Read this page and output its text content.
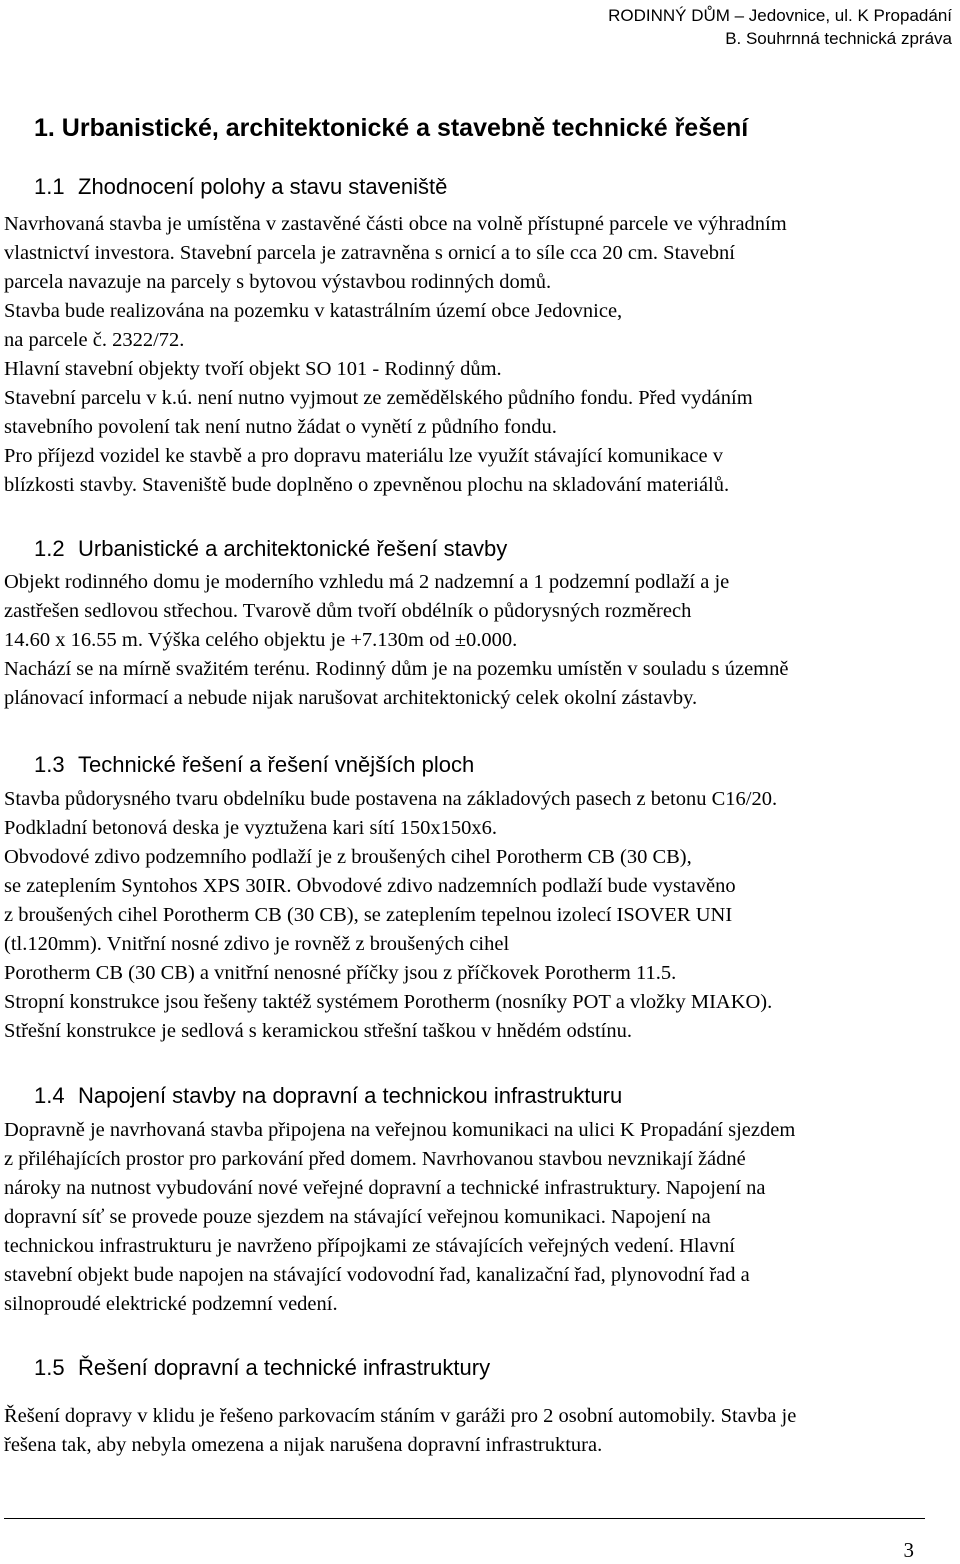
RODINNÝ DŮM – Jedovnice, ul. K Propadání
B. Souhrnná technická zpráva
1. Urbanistické, architektonické a stavebně technické řešení
1.1 Zhodnocení polohy a stavu staveniště
Navrhovaná stavba je umístěna v zastavěné části obce na volně přístupné parcele ve výhradním
vlastnictví investora. Stavební parcela je zatravněna s ornicí a to síle cca 20 cm. Stavební
parcela navazuje na parcely s bytovou výstavbou rodinných domů.
Stavba bude realizována na pozemku v katastrálním území obce Jedovnice,
na parcele č. 2322/72.
Hlavní stavební objekty tvoří objekt SO 101 - Rodinný dům.
Stavební parcelu v k.ú. není nutno vyjmout ze zemědělského půdního fondu. Před vydáním
stavebního povolení tak není nutno žádat o vynětí z půdního fondu.
Pro příjezd vozidel ke stavbě a pro dopravu materiálu lze využít stávající komunikace v
blízkosti stavby. Staveniště bude doplněno o zpevněnou plochu na skladování materiálů.
1.2 Urbanistické a architektonické řešení stavby
Objekt rodinného domu je moderního vzhledu má 2 nadzemní a 1 podzemní podlaží a je
zastřešen sedlovou střechou. Tvarově dům tvoří obdélník o půdorysných rozměrech
14.60 x 16.55 m. Výška celého objektu je +7.130m od ±0.000.
Nachází se na mírně svažitém terénu. Rodinný dům je na pozemku umístěn v souladu s územně
plánovací informací a nebude nijak narušovat architektonický celek okolní zástavby.
1.3 Technické řešení a řešení vnějších ploch
Stavba půdorysného tvaru obdelníku bude postavena na základových pasech z betonu C16/20.
Podkladní betonová deska je vyztužena kari sítí 150x150x6.
Obvodové zdivo podzemního podlaží je z broušených cihel Porotherm CB (30 CB),
se zateplením Syntohos XPS 30IR. Obvodové zdivo nadzemních podlaží bude vystavěno
z broušených cihel Porotherm CB (30 CB), se zateplením tepelnou izolecí ISOVER UNI
(tl.120mm). Vnitřní nosné zdivo je rovněž z broušených cihel
Porotherm CB (30 CB) a vnitřní nenosné příčky jsou z příčkovek Porotherm 11.5.
Stropní konstrukce jsou řešeny taktéž systémem Porotherm (nosníky POT a vložky MIAKO).
Střešní konstrukce je sedlová s keramickou střešní taškou v hnědém odstínu.
1.4 Napojení stavby na dopravní a technickou infrastrukturu
Dopravně je navrhovaná stavba připojena na veřejnou komunikaci na ulici K Propadání sjezdem
z přiléhajících prostor pro parkování před domem. Navrhovanou stavbou nevznikají žádné
nároky na nutnost vybudování nové veřejné dopravní a technické infrastruktury. Napojení na
dopravní síť se provede pouze sjezdem na stávající veřejnou komunikaci. Napojení na
technickou infrastrukturu je navrženo přípojkami ze stávajících veřejných vedení. Hlavní
stavební objekt bude napojen na stávající vodovodní řad, kanalizační řad, plynovodní řad a
silnoproudé elektrické podzemní vedení.
1.5 Řešení dopravní a technické infrastruktury
Řešení dopravy v klidu je řešeno parkovacím stáním v garáži pro 2 osobní automobily. Stavba je
řešena tak, aby nebyla omezena a nijak narušena dopravní infrastruktura.
3
